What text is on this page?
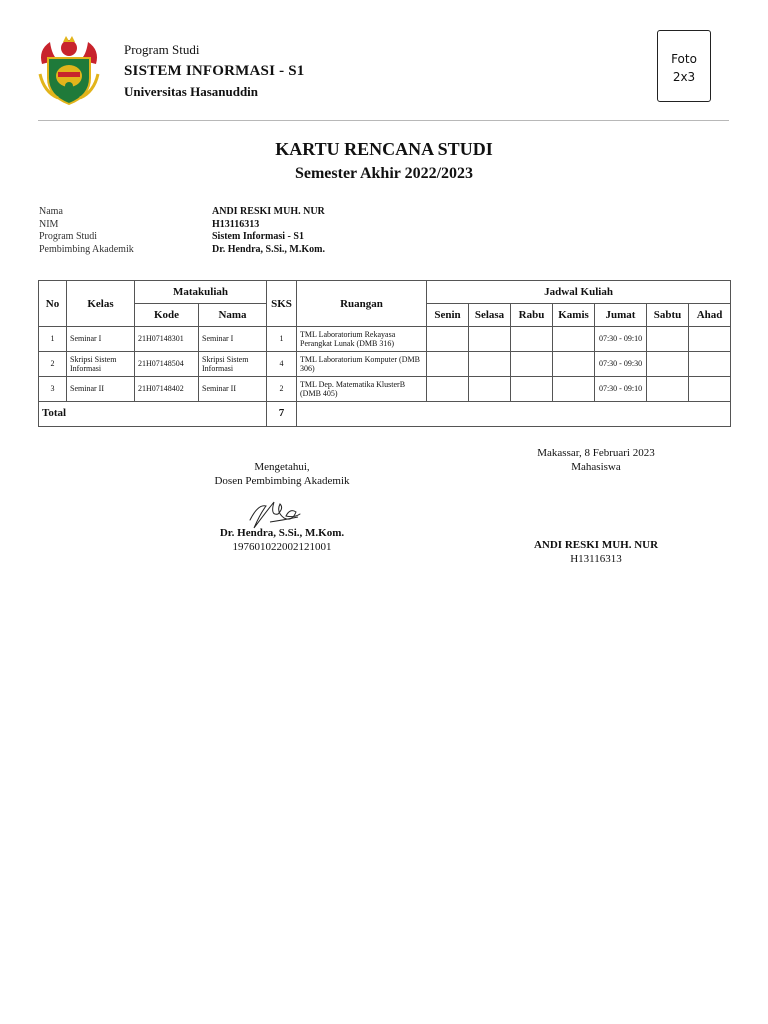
Program Studi
SISTEM INFORMASI - S1
Universitas Hasanuddin
Foto
2x3
KARTU RENCANA STUDI
Semester Akhir 2022/2023
Nama	ANDI RESKI MUH. NUR
NIM	H13116313
Program Studi	Sistem Informasi - S1
Pembimbing Akademik	Dr. Hendra, S.Si., M.Kom.
No	Kelas	Matakuliah		SKS	Ruangan	Jadwal Kuliah						
		Kode	Nama			Senin	Selasa	Rabu	Kamis	Jumat	Sabtu	Ahad
1	Seminar I	21H07148301	Seminar I	1	TML Laboratorium Rekayasa Perangkat Lunak (DMB 316)					07:30 - 09:10		
2	Skripsi Sistem Informasi	21H07148504	Skripsi Sistem Informasi	4	TML Laboratorium Komputer (DMB 306)					07:30 - 09:30		
3	Seminar II	21H07148402	Seminar II	2	TML Dep. Matematika KlusterB (DMB 405)					07:30 - 09:10		
Total				7								
Mengetahui,
Dosen Pembimbing Akademik
Dr. Hendra, S.Si., M.Kom.
197601022002121001
Makassar, 8 Februari 2023
Mahasiswa
ANDI RESKI MUH. NUR
H13116313
